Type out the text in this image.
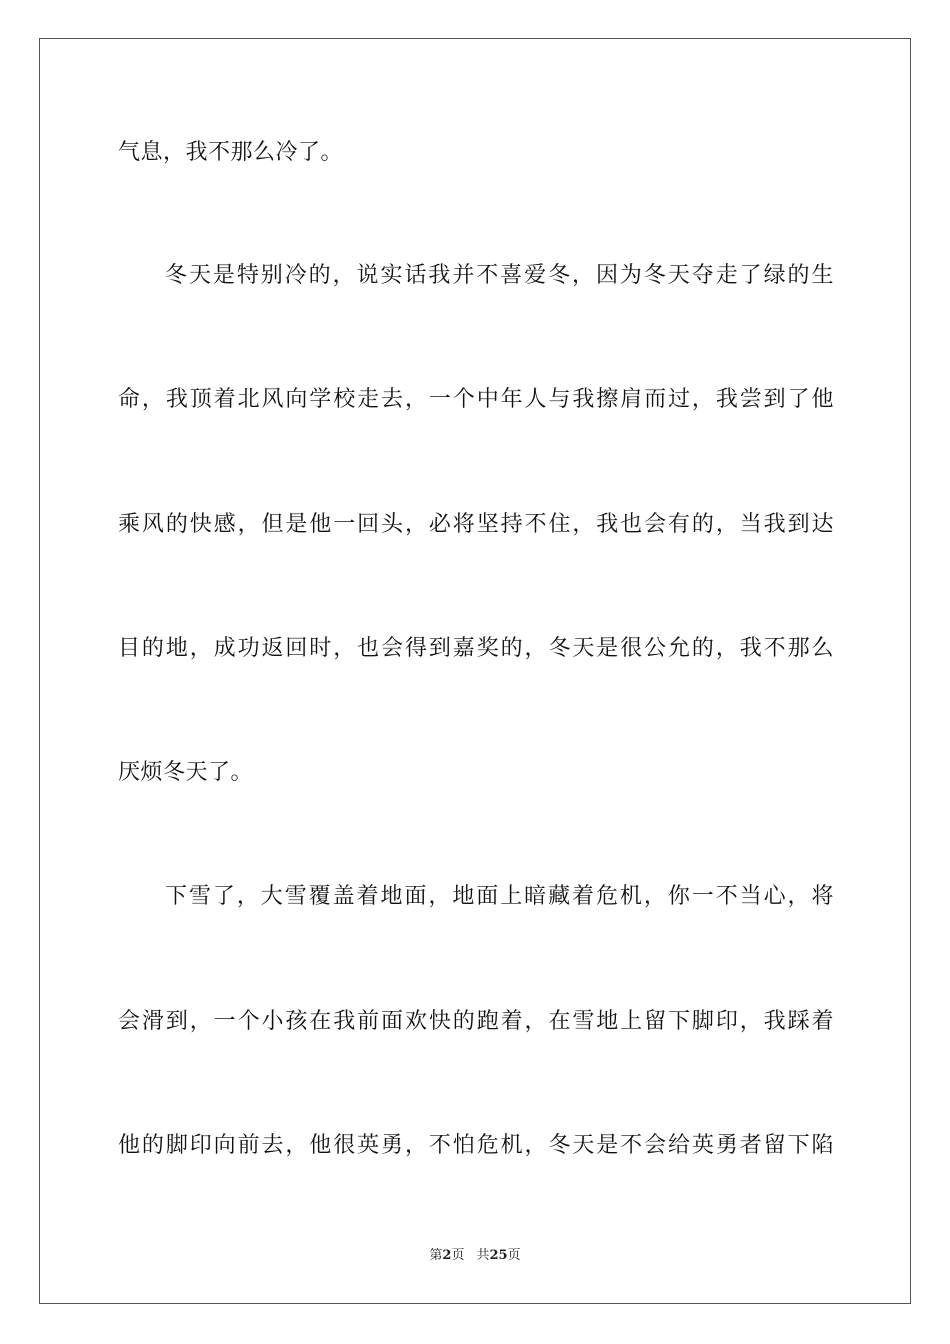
气息，我不那么冷了。
冬天是特别冷的，说实话我并不喜爱冬，因为冬天夺走了绿的生
命，我顶着北风向学校走去，一个中年人与我擦肩而过，我尝到了他
乘风的快感，但是他一回头，必将坚持不住，我也会有的，当我到达
目的地，成功返回时，也会得到嘉奖的，冬天是很公允的，我不那么
厌烦冬天了。
下雪了，大雪覆盖着地面，地面上暗藏着危机，你一不当心，将
会滑到，一个小孩在我前面欢快的跑着，在雪地上留下脚印，我踩着
他的脚印向前去，他很英勇，不怕危机，冬天是不会给英勇者留下陷
第2页 共25页
